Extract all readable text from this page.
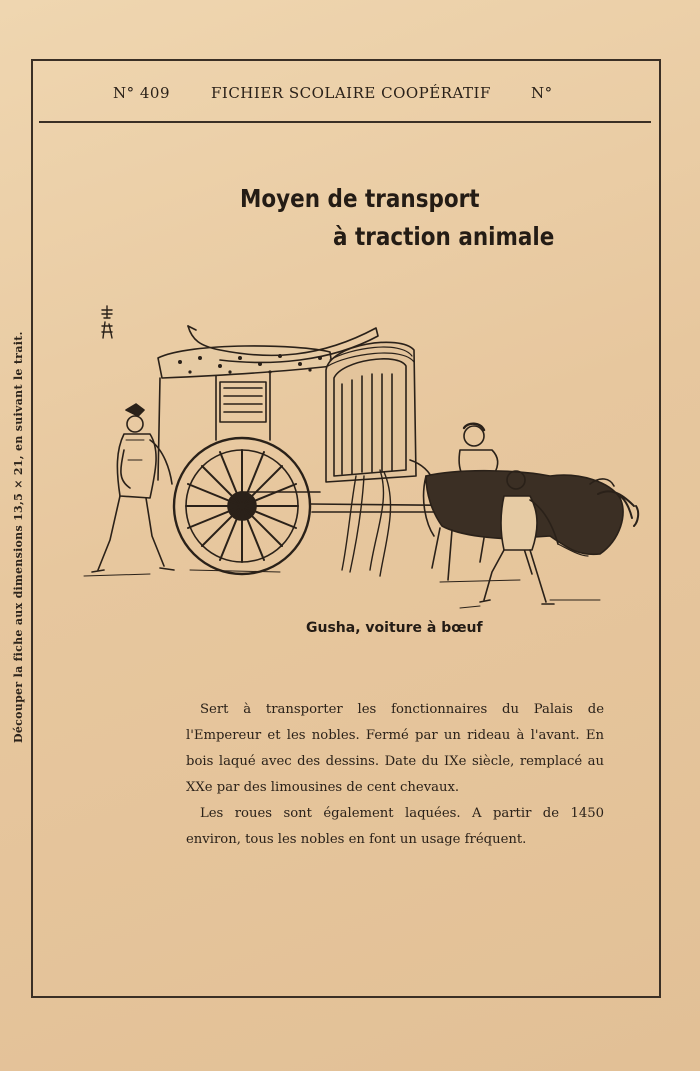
Découper la fiche aux dimensions 13,5 × 21, en suivant le trait.
N° 409	FICHIER SCOLAIRE COOPÉRATIF	N°
Moyen de transport
à traction animale
Gusha, voiture à bœuf

Sert à transporter les fonctionnaires du Palais de l'Empereur et les nobles. Fermé par un rideau à l'avant. En bois laqué avec des dessins. Date du IXe siècle, remplacé au XXe par des limousines de cent chevaux.

Les roues sont également laquées. A partir de 1450 environ, tous les nobles en font un usage fréquent.
